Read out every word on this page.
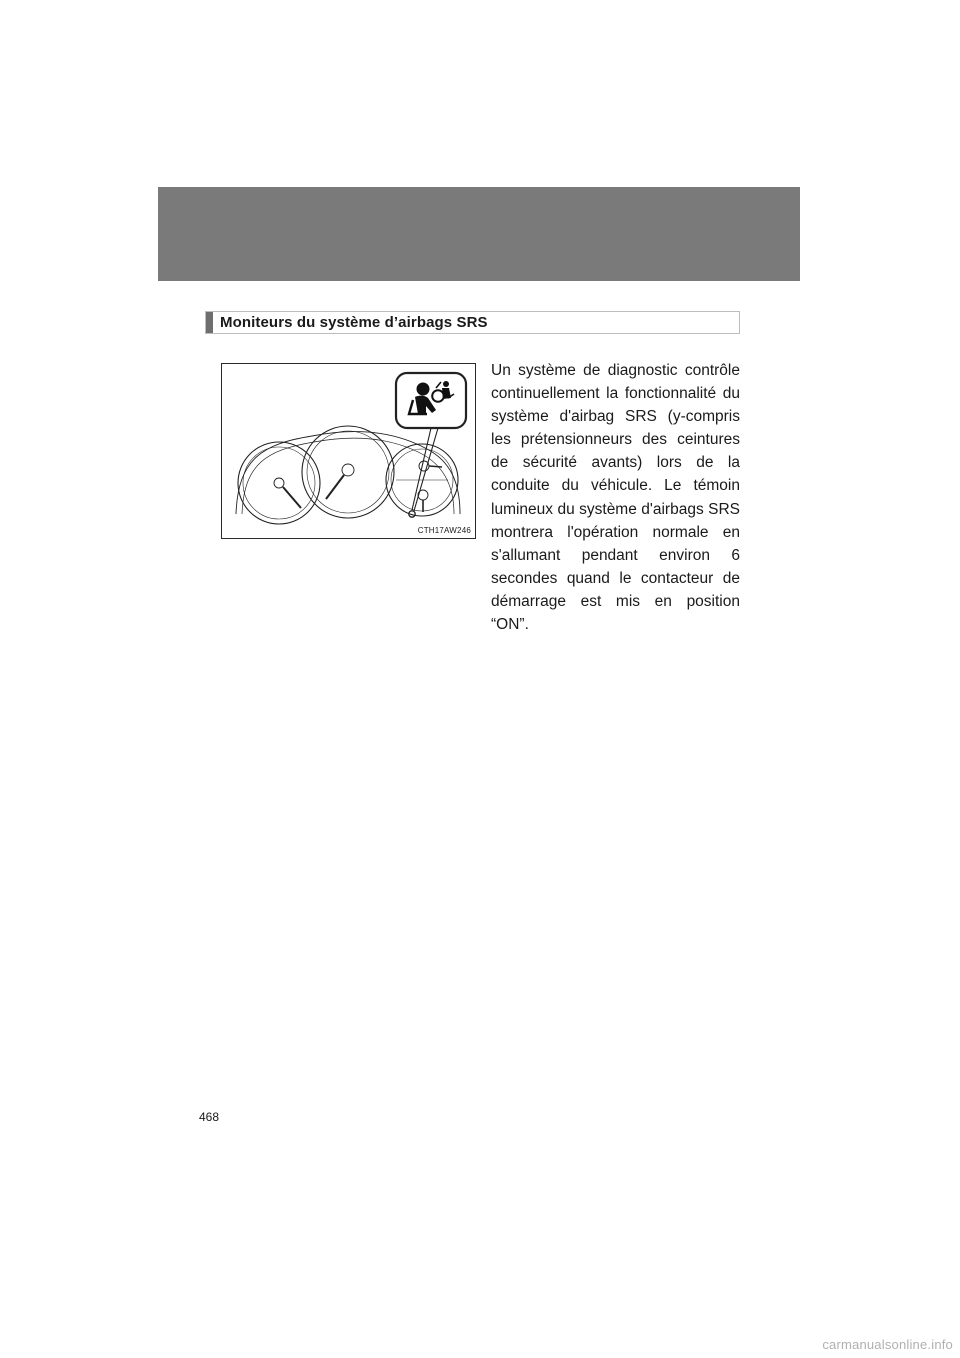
Moniteurs du système d’airbags SRS
CTH17AW246
Un système de diagnostic contrôle continuellement la fonctionnalité du système d'airbag SRS (y-compris les prétensionneurs des ceintures de sécurité avants) lors de la conduite du véhicule. Le témoin lumineux du système d'airbags SRS montrera l'opération normale en s'allumant pendant environ 6 secondes quand le contacteur de démarrage est mis en position “ON”.
468
carmanualsonline.info
